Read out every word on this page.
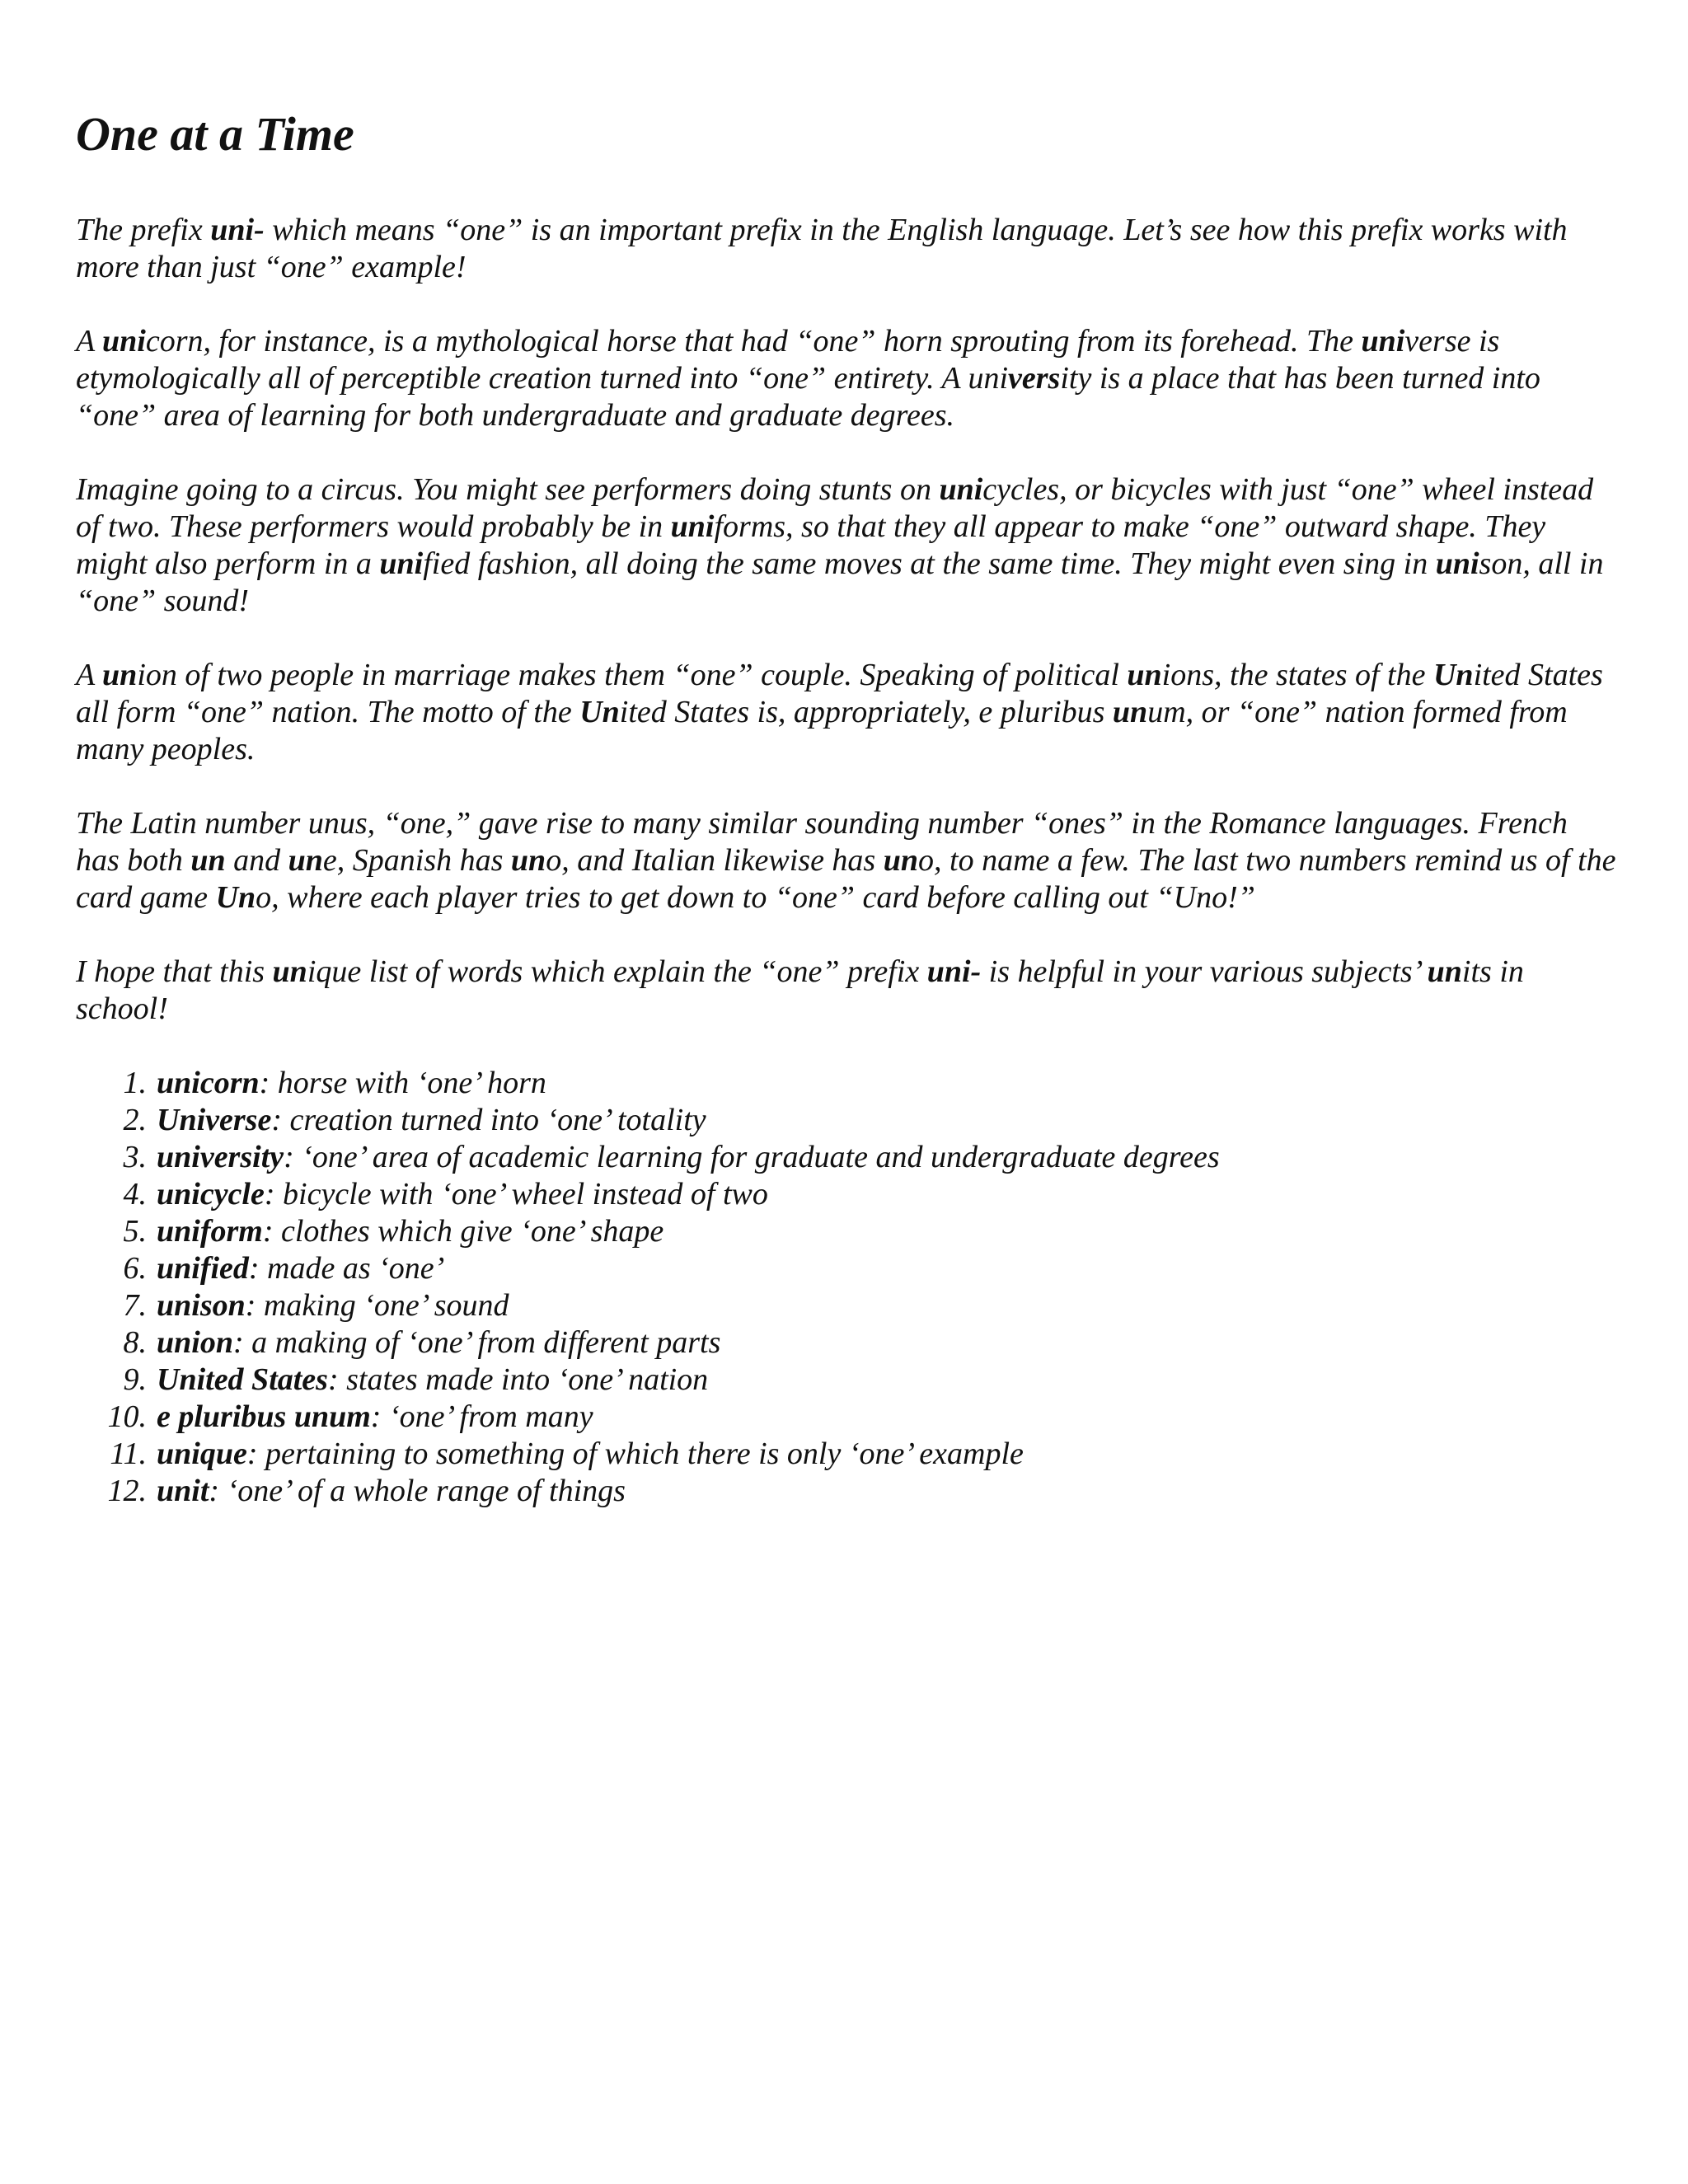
One at a Time

The prefix uni- which means “one” is an important prefix in the English language. Let’s see how this prefix works with more than just “one” example!

A unicorn, for instance, is a mythological horse that had “one” horn sprouting from its forehead. The universe is etymologically all of perceptible creation turned into “one” entirety. A university is a place that has been turned into “one” area of learning for both undergraduate and graduate degrees.

Imagine going to a circus. You might see performers doing stunts on unicycles, or bicycles with just “one” wheel instead of two. These performers would probably be in uniforms, so that they all appear to make “one” outward shape. They might also perform in a unified fashion, all doing the same moves at the same time. They might even sing in unison, all in “one” sound!

A union of two people in marriage makes them “one” couple. Speaking of political unions, the states of the United States all form “one” nation. The motto of the United States is, appropriately, e pluribus unum, or “one” nation formed from many peoples.

The Latin number unus, “one,” gave rise to many similar sounding number “ones” in the Romance languages. French has both un and une, Spanish has uno, and Italian likewise has uno, to name a few. The last two numbers remind us of the card game Uno, where each player tries to get down to “one” card before calling out “Uno!”

I hope that this unique list of words which explain the “one” prefix uni- is helpful in your various subjects’ units in school!

1. unicorn: horse with ‘one’ horn
2. Universe: creation turned into ‘one’ totality
3. university: ‘one’ area of academic learning for graduate and undergraduate degrees
4. unicycle: bicycle with ‘one’ wheel instead of two
5. uniform: clothes which give ‘one’ shape
6. unified: made as ‘one’
7. unison: making ‘one’ sound
8. union: a making of ‘one’ from different parts
9. United States: states made into ‘one’ nation
10. e pluribus unum: ‘one’ from many
11. unique: pertaining to something of which there is only ‘one’ example
12. unit: ‘one’ of a whole range of things
